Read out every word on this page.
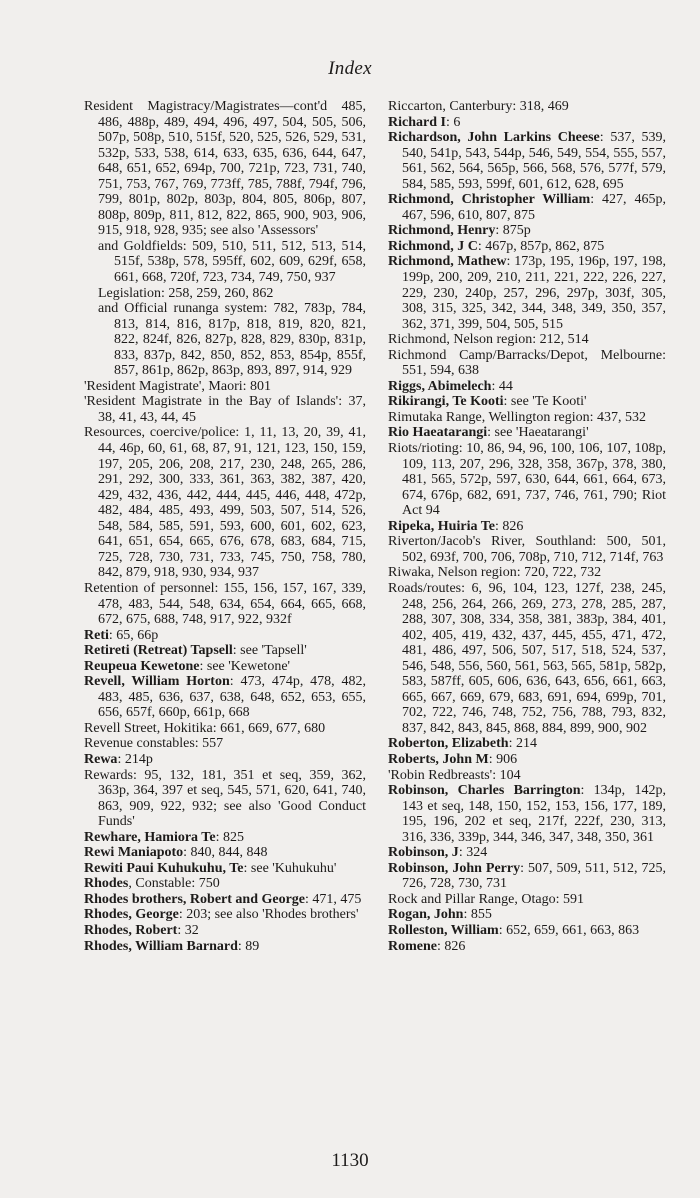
Index
Resident Magistracy/Magistrates—cont'd 485, 486, 488p, 489, 494, 496, 497, 504, 505, 506, 507p, 508p, 510, 515f, 520, 525, 526, 529, 531, 532p, 533, 538, 614, 633, 635, 636, 644, 647, 648, 651, 652, 694p, 700, 721p, 723, 731, 740, 751, 753, 767, 769, 773ff, 785, 788f, 794f, 796, 799, 801p, 802p, 803p, 804, 805, 806p, 807, 808p, 809p, 811, 812, 822, 865, 900, 903, 906, 915, 918, 928, 935; see also 'Assessors'
and Goldfields: 509, 510, 511, 512, 513, 514, 515f, 538p, 578, 595ff, 602, 609, 629f, 658, 661, 668, 720f, 723, 734, 749, 750, 937
Legislation: 258, 259, 260, 862
and Official runanga system: 782, 783p, 784, 813, 814, 816, 817p, 818, 819, 820, 821, 822, 824f, 826, 827p, 828, 829, 830p, 831p, 833, 837p, 842, 850, 852, 853, 854p, 855f, 857, 861p, 862p, 863p, 893, 897, 914, 929
'Resident Magistrate', Maori: 801
'Resident Magistrate in the Bay of Islands': 37, 38, 41, 43, 44, 45
Resources, coercive/police: 1, 11, 13, 20, 39, 41, 44, 46p, 60, 61, 68, 87, 91, 121, 123, 150, 159, 197, 205, 206, 208, 217, 230, 248, 265, 286, 291, 292, 300, 333, 361, 363, 382, 387, 420, 429, 432, 436, 442, 444, 445, 446, 448, 472p, 482, 484, 485, 493, 499, 503, 507, 514, 526, 548, 584, 585, 591, 593, 600, 601, 602, 623, 641, 651, 654, 665, 676, 678, 683, 684, 715, 725, 728, 730, 731, 733, 745, 750, 758, 780, 842, 879, 918, 930, 934, 937
Retention of personnel: 155, 156, 157, 167, 339, 478, 483, 544, 548, 634, 654, 664, 665, 668, 672, 675, 688, 748, 917, 922, 932f
Reti: 65, 66p
Retireti (Retreat) Tapsell: see 'Tapsell'
Reupeua Kewetone: see 'Kewetone'
Revell, William Horton: 473, 474p, 478, 482, 483, 485, 636, 637, 638, 648, 652, 653, 655, 656, 657f, 660p, 661p, 668
Revell Street, Hokitika: 661, 669, 677, 680
Revenue constables: 557
Rewa: 214p
Rewards: 95, 132, 181, 351 et seq, 359, 362, 363p, 364, 397 et seq, 545, 571, 620, 641, 740, 863, 909, 922, 932; see also 'Good Conduct Funds'
Rewhare, Hamiora Te: 825
Rewi Maniapoto: 840, 844, 848
Rewiti Paui Kuhukuhu, Te: see 'Kuhukuhu'
Rhodes, Constable: 750
Rhodes brothers, Robert and George: 471, 475
Rhodes, George: 203; see also 'Rhodes brothers'
Rhodes, Robert: 32
Rhodes, William Barnard: 89
Riccarton, Canterbury: 318, 469
Richard I: 6
Richardson, John Larkins Cheese: 537, 539, 540, 541p, 543, 544p, 546, 549, 554, 555, 557, 561, 562, 564, 565p, 566, 568, 576, 577f, 579, 584, 585, 593, 599f, 601, 612, 628, 695
Richmond, Christopher William: 427, 465p, 467, 596, 610, 807, 875
Richmond, Henry: 875p
Richmond, J C: 467p, 857p, 862, 875
Richmond, Mathew: 173p, 195, 196p, 197, 198, 199p, 200, 209, 210, 211, 221, 222, 226, 227, 229, 230, 240p, 257, 296, 297p, 303f, 305, 308, 315, 325, 342, 344, 348, 349, 350, 357, 362, 371, 399, 504, 505, 515
Richmond, Nelson region: 212, 514
Richmond Camp/Barracks/Depot, Melbourne: 551, 594, 638
Riggs, Abimelech: 44
Rikirangi, Te Kooti: see 'Te Kooti'
Rimutaka Range, Wellington region: 437, 532
Rio Haeatarangi: see 'Haeatarangi'
Riots/rioting: 10, 86, 94, 96, 100, 106, 107, 108p, 109, 113, 207, 296, 328, 358, 367p, 378, 380, 481, 565, 572p, 597, 630, 644, 661, 664, 673, 674, 676p, 682, 691, 737, 746, 761, 790; Riot Act 94
Ripeka, Huiria Te: 826
Riverton/Jacob's River, Southland: 500, 501, 502, 693f, 700, 706, 708p, 710, 712, 714f, 763
Riwaka, Nelson region: 720, 722, 732
Roads/routes: 6, 96, 104, 123, 127f, 238, 245, 248, 256, 264, 266, 269, 273, 278, 285, 287, 288, 307, 308, 334, 358, 381, 383p, 384, 401, 402, 405, 419, 432, 437, 445, 455, 471, 472, 481, 486, 497, 506, 507, 517, 518, 524, 537, 546, 548, 556, 560, 561, 563, 565, 581p, 582p, 583, 587ff, 605, 606, 636, 643, 656, 661, 663, 665, 667, 669, 679, 683, 691, 694, 699p, 701, 702, 722, 746, 748, 752, 756, 788, 793, 832, 837, 842, 843, 845, 868, 884, 899, 900, 902
Roberton, Elizabeth: 214
Roberts, John M: 906
'Robin Redbreasts': 104
Robinson, Charles Barrington: 134p, 142p, 143 et seq, 148, 150, 152, 153, 156, 177, 189, 195, 196, 202 et seq, 217f, 222f, 230, 313, 316, 336, 339p, 344, 346, 347, 348, 350, 361
Robinson, J: 324
Robinson, John Perry: 507, 509, 511, 512, 725, 726, 728, 730, 731
Rock and Pillar Range, Otago: 591
Rogan, John: 855
Rolleston, William: 652, 659, 661, 663, 863
Romene: 826
1130
